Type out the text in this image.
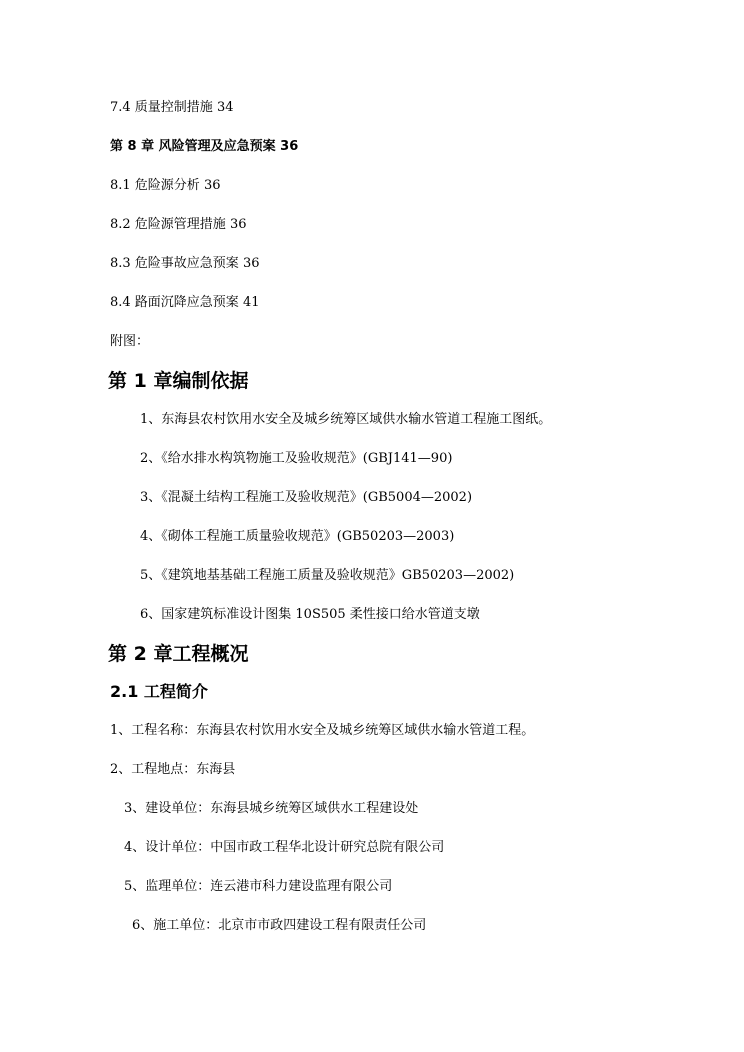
7.4 质量控制措施 34
第 8 章 风险管理及应急预案 36
8.1 危险源分析 36
8.2 危险源管理措施 36
8.3 危险事故应急预案 36
8.4 路面沉降应急预案 41
附图：
第 1 章编制依据
1、东海县农村饮用水安全及城乡统筹区域供水输水管道工程施工图纸。
2、《给水排水构筑物施工及验收规范》(GBJ141—90)
3、《混凝土结构工程施工及验收规范》(GB5004—2002)
4、《砌体工程施工质量验收规范》(GB50203—2003)
5、《建筑地基基础工程施工质量及验收规范》GB50203—2002)
6、国家建筑标准设计图集 10S505 柔性接口给水管道支墩
第 2 章工程概况
2.1 工程简介
1、工程名称：东海县农村饮用水安全及城乡统筹区域供水输水管道工程。
2、工程地点：东海县
3、建设单位：东海县城乡统筹区域供水工程建设处
4、设计单位：中国市政工程华北设计研究总院有限公司
5、监理单位：连云港市科力建设监理有限公司
6、施工单位：北京市市政四建设工程有限责任公司
